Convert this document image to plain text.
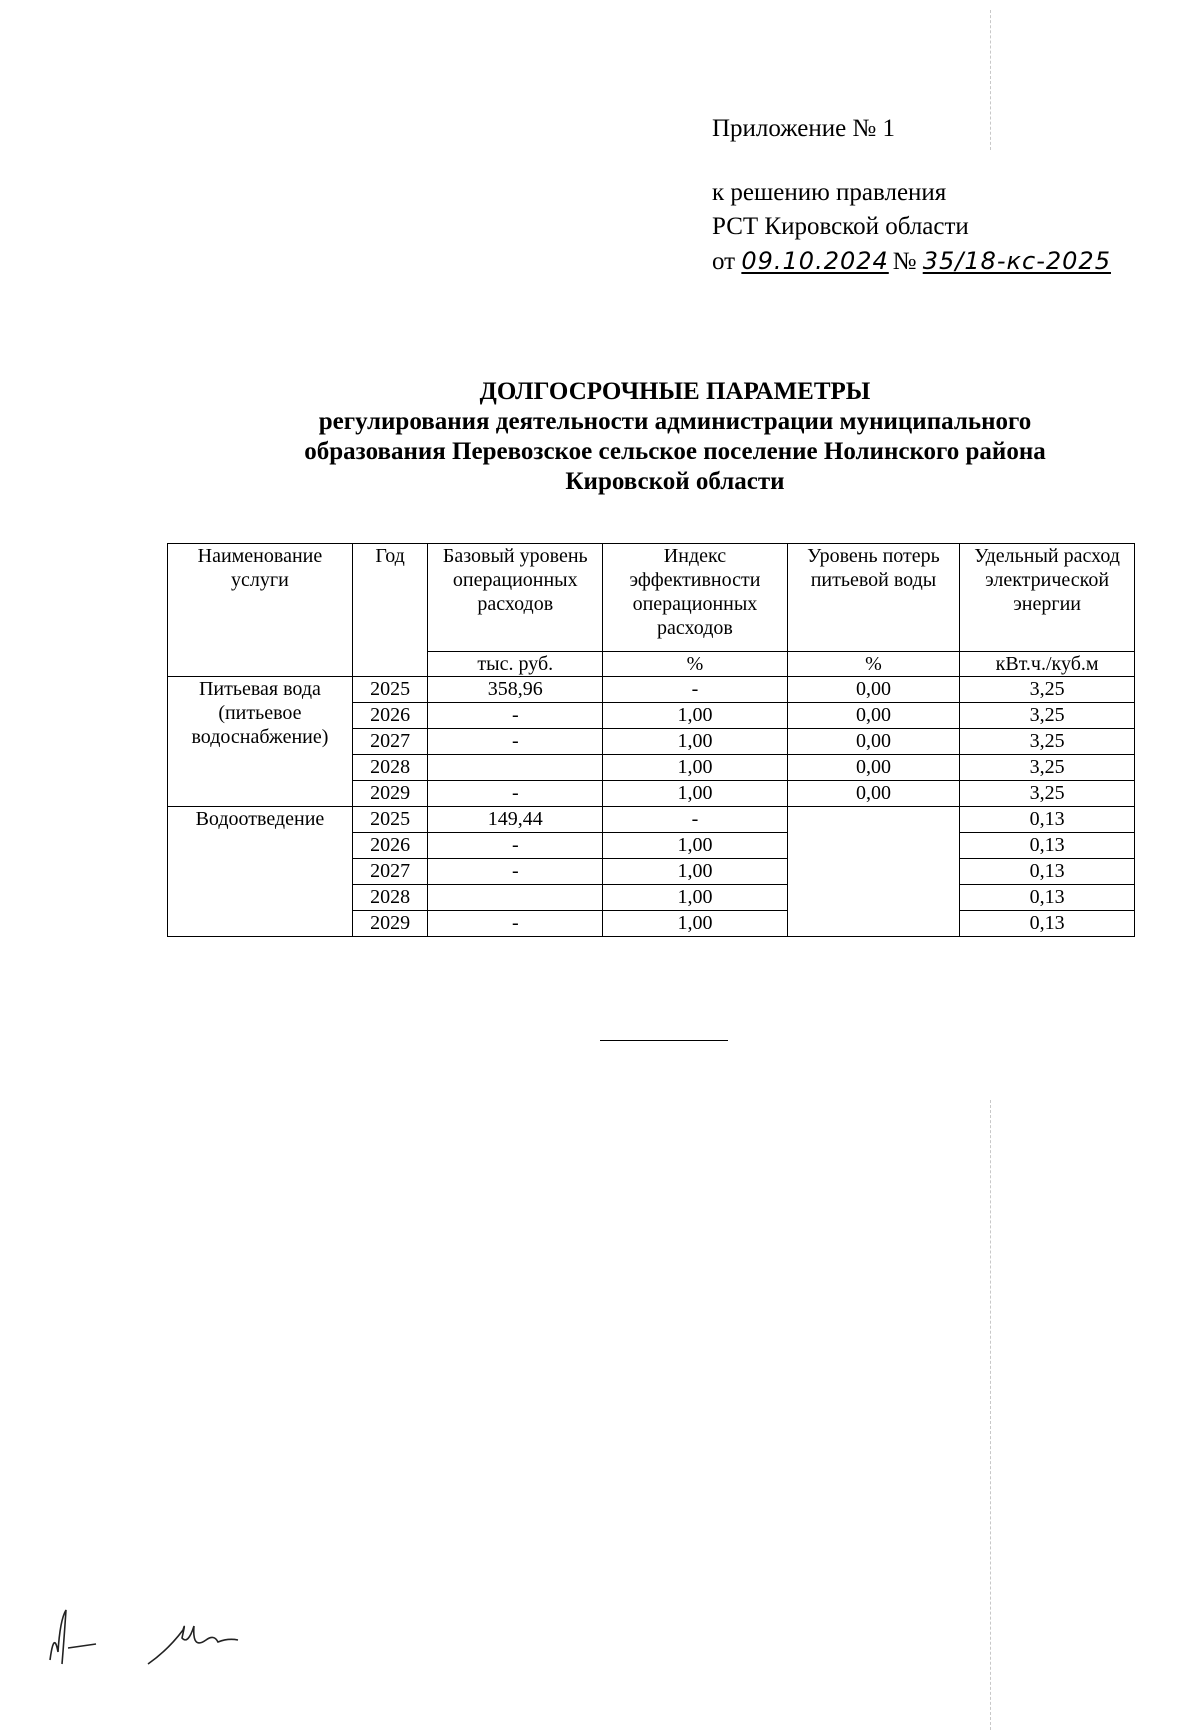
Приложение № 1
к решению правления
РСТ Кировской области
от 09.10.2024 № 35/18-кс-2025
ДОЛГОСРОЧНЫЕ ПАРАМЕТРЫ
регулирования деятельности администрации муниципального
образования Перевозское сельское поселение Нолинского района
Кировской области
Наименование услуги	Год	Базовый уровень операционных расходов	Индекс эффективности операционных расходов	Уровень потерь питьевой воды	Удельный расход электрической энергии
		тыс. руб.	%	%	кВт.ч./куб.м
Питьевая вода (питьевое водоснабжение)	2025	358,96	-	0,00	3,25
	2026	-	1,00	0,00	3,25
	2027	-	1,00	0,00	3,25
	2028		1,00	0,00	3,25
	2029	-	1,00	0,00	3,25
Водоотведение	2025	149,44	-		0,13
	2026	-	1,00		0,13
	2027	-	1,00		0,13
	2028		1,00		0,13
	2029	-	1,00		0,13
